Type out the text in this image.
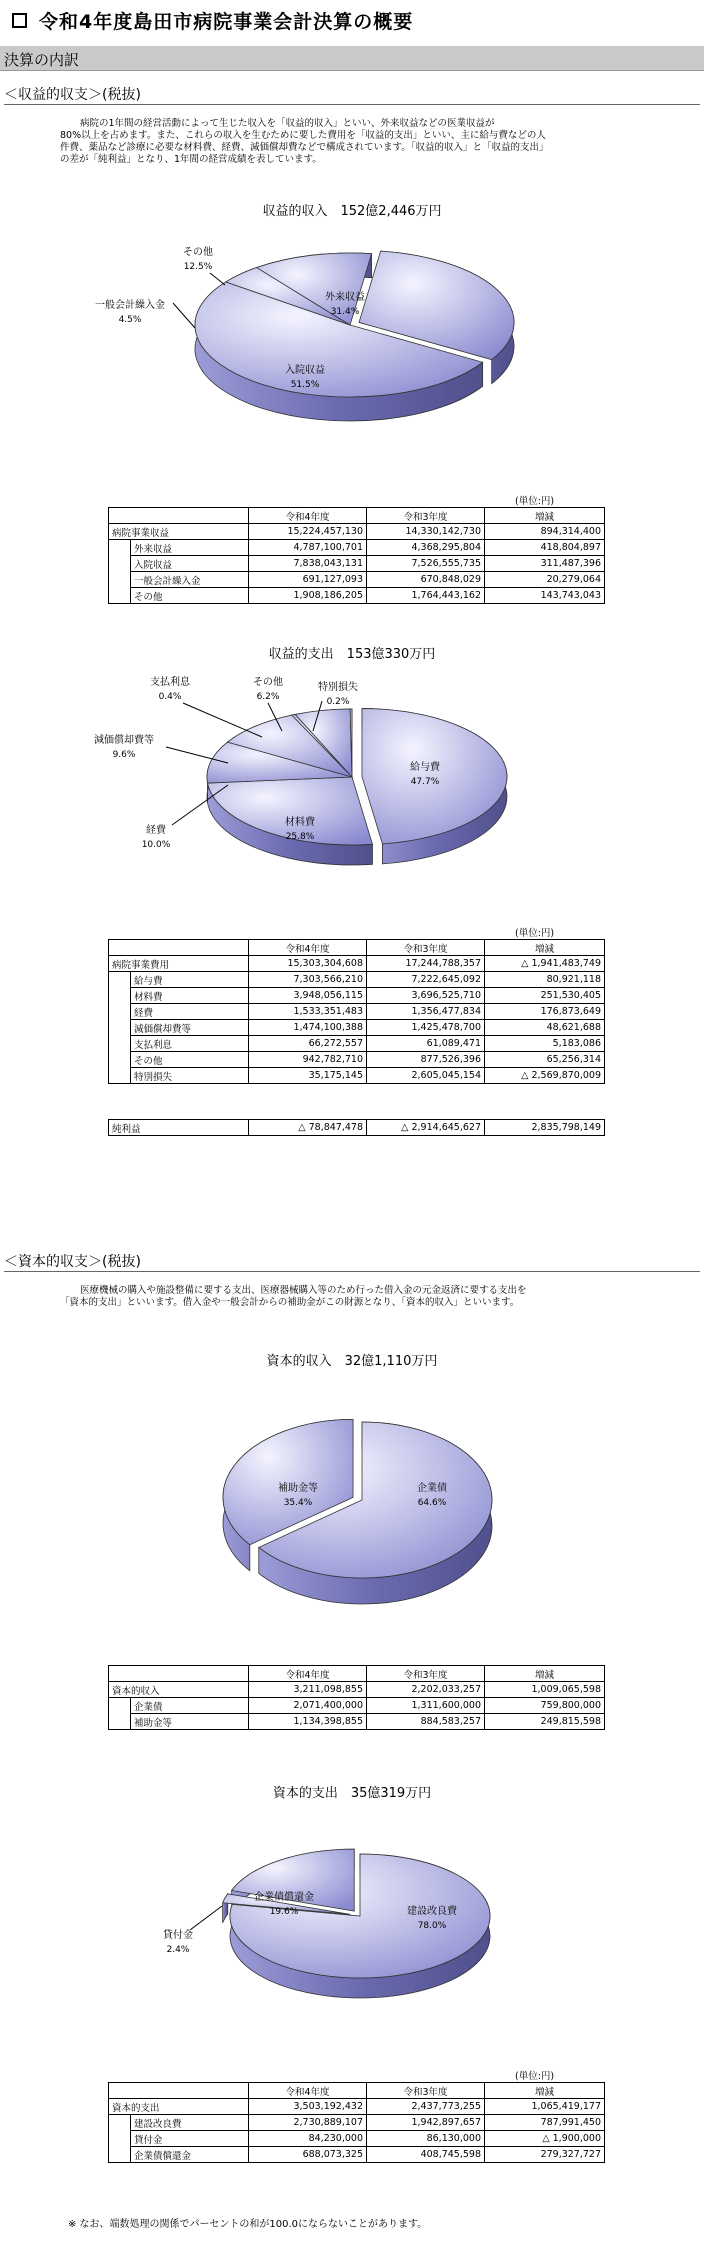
令和4年度島田市病院事業会計決算の概要
決算の内訳
＜収益的収支＞(税抜)
病院の1年間の経営活動によって生じた収入を「収益的収入」といい、外来収益などの医業収益が
80%以上を占めます。また、これらの収入を生むために要した費用を「収益的支出」といい、主に給与費などの人
件費、薬品など診療に必要な材料費、経費、減価償却費などで構成されています。「収益的収入」と「収益的支出」
の差が「純利益」となり、1年間の経営成績を表しています。
収益的収入　152億2,446万円
外来収益
31.4%
入院収益
51.5%
一般会計繰入金
4.5%
その他
12.5%
(単位:円)
		令和4年度	令和3年度	増減
病院事業収益		15,224,457,130	14,330,142,730	894,314,400
	外来収益	4,787,100,701	4,368,295,804	418,804,897
	入院収益	7,838,043,131	7,526,555,735	311,487,396
	一般会計繰入金	691,127,093	670,848,029	20,279,064
	その他	1,908,186,205	1,764,443,162	143,743,043
収益的支出　153億330万円
給与費
47.7%
材料費
25.8%
経費
10.0%
減価償却費等
9.6%
支払利息
0.4%
その他
6.2%
特別損失
0.2%
(単位:円)
		令和4年度	令和3年度	増減
病院事業費用		15,303,304,608	17,244,788,357	△ 1,941,483,749
	給与費	7,303,566,210	7,222,645,092	80,921,118
	材料費	3,948,056,115	3,696,525,710	251,530,405
	経費	1,533,351,483	1,356,477,834	176,873,649
	減価償却費等	1,474,100,388	1,425,478,700	48,621,688
	支払利息	66,272,557	61,089,471	5,183,086
	その他	942,782,710	877,526,396	65,256,314
	特別損失	35,175,145	2,605,045,154	△ 2,569,870,009
純利益	△ 78,847,478	△ 2,914,645,627	2,835,798,149
＜資本的収支＞(税抜)
医療機械の購入や施設整備に要する支出、医療器械購入等のため行った借入金の元金返済に要する支出を
「資本的支出」といいます。借入金や一般会計からの補助金がこの財源となり、「資本的収入」といいます。
資本的収入　32億1,110万円
企業債
64.6%
補助金等
35.4%
		令和4年度	令和3年度	増減
資本的収入		3,211,098,855	2,202,033,257	1,009,065,598
	企業債	2,071,400,000	1,311,600,000	759,800,000
	補助金等	1,134,398,855	884,583,257	249,815,598
資本的支出　35億319万円
建設改良費
78.0%
貸付金
2.4%
企業債償還金
19.6%
(単位:円)
		令和4年度	令和3年度	増減
資本的支出		3,503,192,432	2,437,773,255	1,065,419,177
	建設改良費	2,730,889,107	1,942,897,657	787,991,450
	貸付金	84,230,000	86,130,000	△ 1,900,000
	企業債償還金	688,073,325	408,745,598	279,327,727
※ なお、端数処理の関係でパーセントの和が100.0にならないことがあります。
